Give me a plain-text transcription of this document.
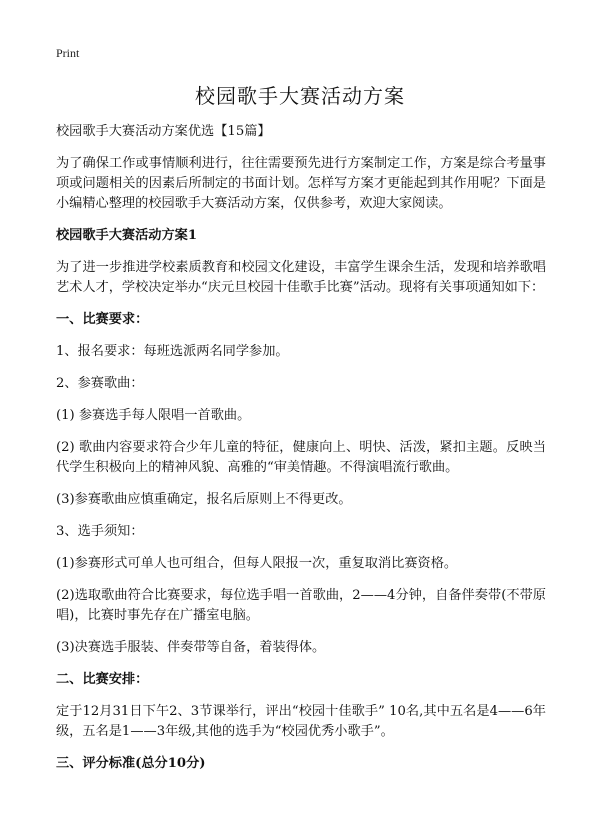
Print
校园歌手大赛活动方案
校园歌手大赛活动方案优选【15篇】
为了确保工作或事情顺利进行，往往需要预先进行方案制定工作，方案是综合考量事项或问题相关的因素后所制定的书面计划。怎样写方案才更能起到其作用呢？下面是小编精心整理的校园歌手大赛活动方案，仅供参考，欢迎大家阅读。
校园歌手大赛活动方案1
为了进一步推进学校素质教育和校园文化建设，丰富学生课余生活，发现和培养歌唱艺术人才，学校决定举办“庆元旦校园十佳歌手比赛”活动。现将有关事项通知如下：
一、比赛要求：
1、报名要求：每班选派两名同学参加。
2、参赛歌曲：
(1) 参赛选手每人限唱一首歌曲。
(2) 歌曲内容要求符合少年儿童的特征，健康向上、明快、活泼，紧扣主题。反映当代学生积极向上的精神风貌、高雅的“审美情趣。不得演唱流行歌曲。
(3)参赛歌曲应慎重确定，报名后原则上不得更改。
3、选手须知：
(1)参赛形式可单人也可组合，但每人限报一次，重复取消比赛资格。
(2)选取歌曲符合比赛要求，每位选手唱一首歌曲，2——4分钟，自备伴奏带(不带原唱)，比赛时事先存在广播室电脑。
(3)决赛选手服装、伴奏带等自备，着装得体。
二、比赛安排：
定于12月31日下午2、3节课举行，评出“校园十佳歌手” 10名,其中五名是4——6年级，五名是1——3年级,其他的选手为“校园优秀小歌手”。
三、评分标准(总分10分)
